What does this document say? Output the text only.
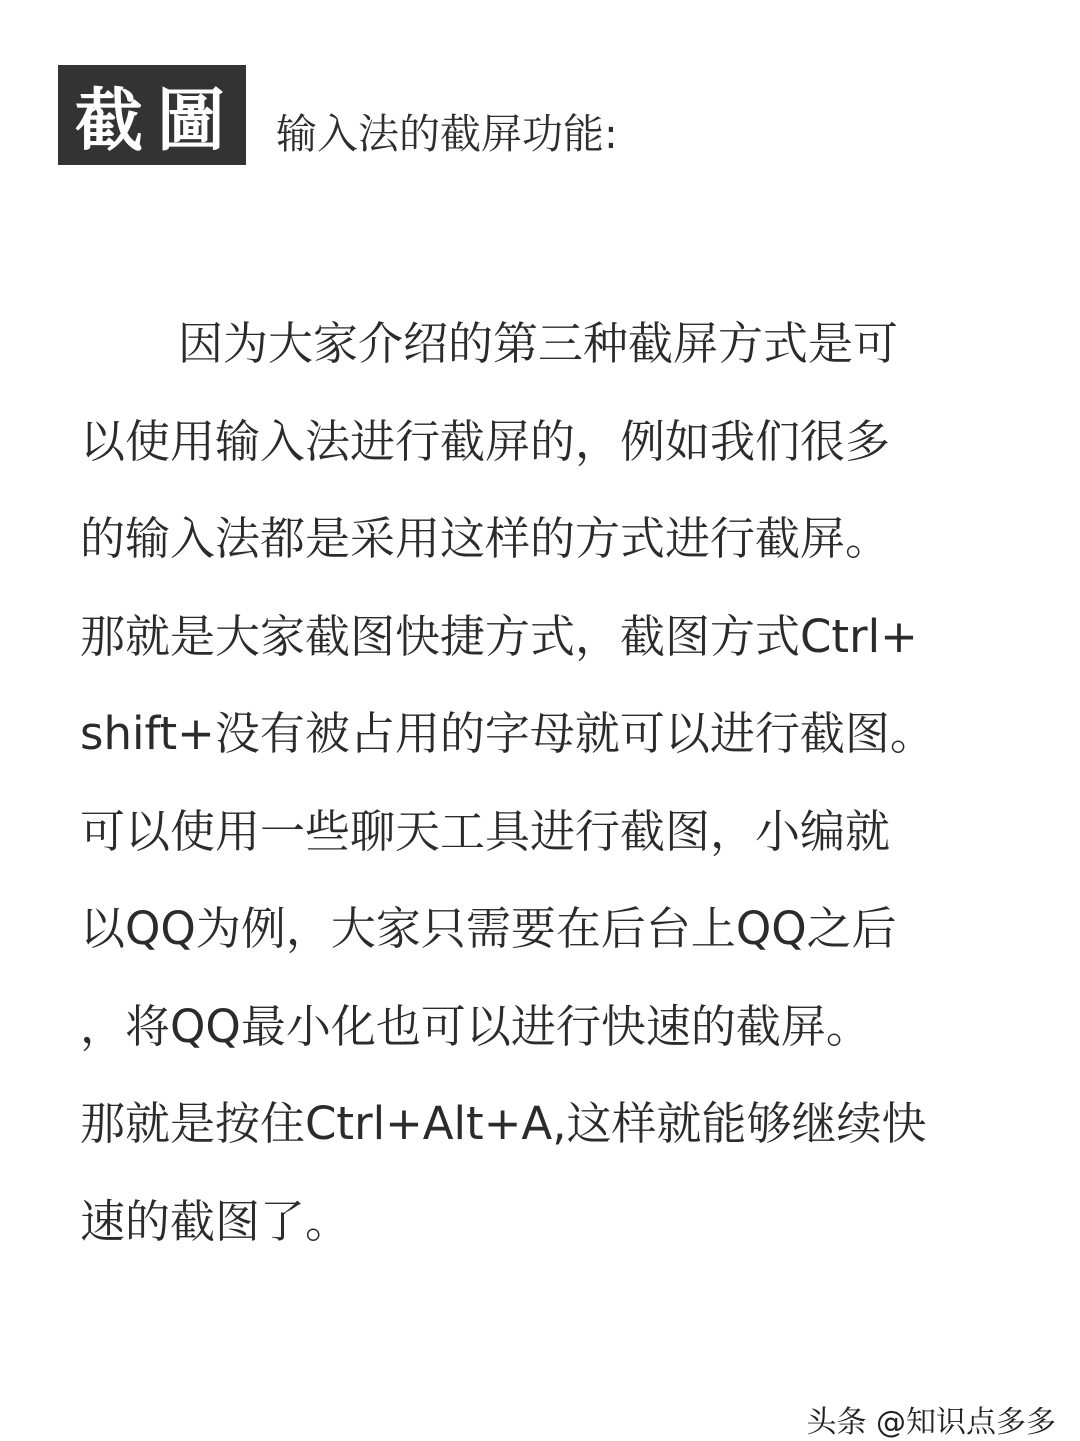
截圖 输入法的截屏功能:
因为大家介绍的第三种截屏方式是可
以使用输入法进行截屏的，例如我们很多
的输入法都是采用这样的方式进行截屏。
那就是大家截图快捷方式，截图方式Ctrl+
shift+没有被占用的字母就可以进行截图。
可以使用一些聊天工具进行截图，小编就
以QQ为例，大家只需要在后台上QQ之后
，将QQ最小化也可以进行快速的截屏。
那就是按住Ctrl+Alt+A,这样就能够继续快
速的截图了。
头条 @知识点多多
